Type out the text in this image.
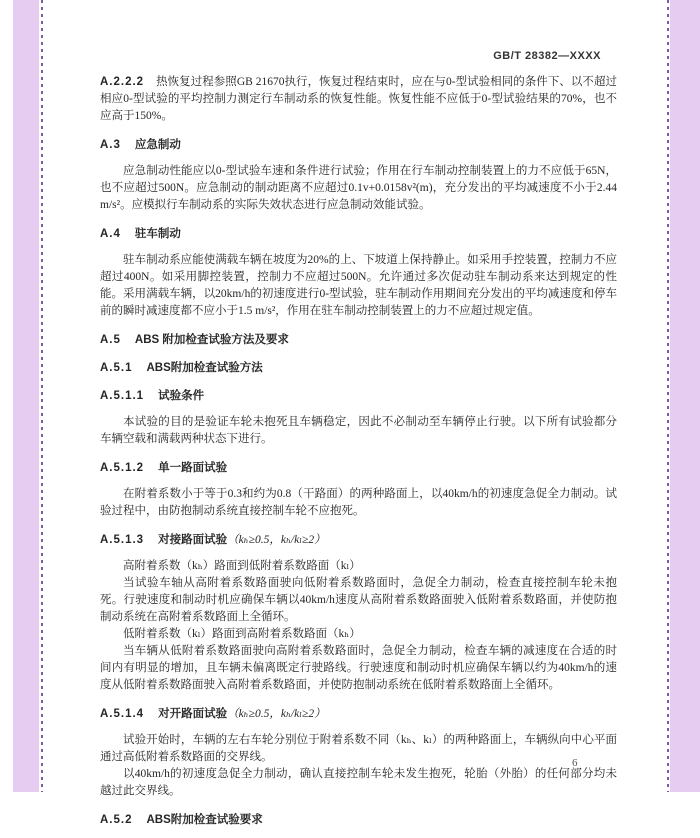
GB/T 28382—XXXX

A.2.2.2 热恢复过程参照GB 21670执行，恢复过程结束时，应在与0-型试验相同的条件下、以不超过相应0-型试验的平均控制力测定行车制动系的恢复性能。恢复性能不应低于0-型试验结果的70%，也不应高于150%。

A.3 应急制动

应急制动性能应以0-型试验车速和条件进行试验；作用在行车制动控制装置上的力不应低于65N，也不应超过500N。应急制动的制动距离不应超过0.1v+0.0158v²(m)，充分发出的平均减速度不小于2.44 m/s²。应模拟行车制动系的实际失效状态进行应急制动效能试验。

A.4 驻车制动

驻车制动系应能使满载车辆在坡度为20%的上、下坡道上保持静止。如采用手控装置，控制力不应超过400N。如采用脚控装置，控制力不应超过500N。允许通过多次促动驻车制动系来达到规定的性能。采用满载车辆，以20km/h的初速度进行0-型试验，驻车制动作用期间充分发出的平均减速度和停车前的瞬时减速度都不应小于1.5 m/s²，作用在驻车制动控制装置上的力不应超过规定值。

A.5 ABS 附加检查试验方法及要求

A.5.1 ABS附加检查试验方法

A.5.1.1 试验条件

本试验的目的是验证车轮未抱死且车辆稳定，因此不必制动至车辆停止行驶。以下所有试验都分车辆空载和满载两种状态下进行。

A.5.1.2 单一路面试验

在附着系数小于等于0.3和约为0.8（干路面）的两种路面上，以40km/h的初速度急促全力制动。试验过程中，由防抱制动系统直接控制车轮不应抱死。

A.5.1.3 对接路面试验（kₕ≥0.5，kₕ/kₗ≥2）

高附着系数（kₕ）路面到低附着系数路面（kₗ）

当试验车轴从高附着系数路面驶向低附着系数路面时，急促全力制动，检查直接控制车轮未抱死。行驶速度和制动时机应确保车辆以40km/h速度从高附着系数路面驶入低附着系数路面，并使防抱制动系统在高附着系数路面上全循环。

低附着系数（kₗ）路面到高附着系数路面（kₕ）

当车辆从低附着系数路面驶向高附着系数路面时，急促全力制动，检查车辆的减速度在合适的时间内有明显的增加，且车辆未偏离既定行驶路线。行驶速度和制动时机应确保车辆以约为40km/h的速度从低附着系数路面驶入高附着系数路面，并使防抱制动系统在低附着系数路面上全循环。

A.5.1.4 对开路面试验（kₕ≥0.5，kₕ/kₗ≥2）

试验开始时，车辆的左右车轮分别位于附着系数不同（kₕ、kₗ）的两种路面上，车辆纵向中心平面通过高低附着系数路面的交界线。

以40km/h的初速度急促全力制动，确认直接控制车轮未发生抱死，轮胎（外胎）的任何部分均未越过此交界线。

A.5.2 ABS附加检查试验要求

6
